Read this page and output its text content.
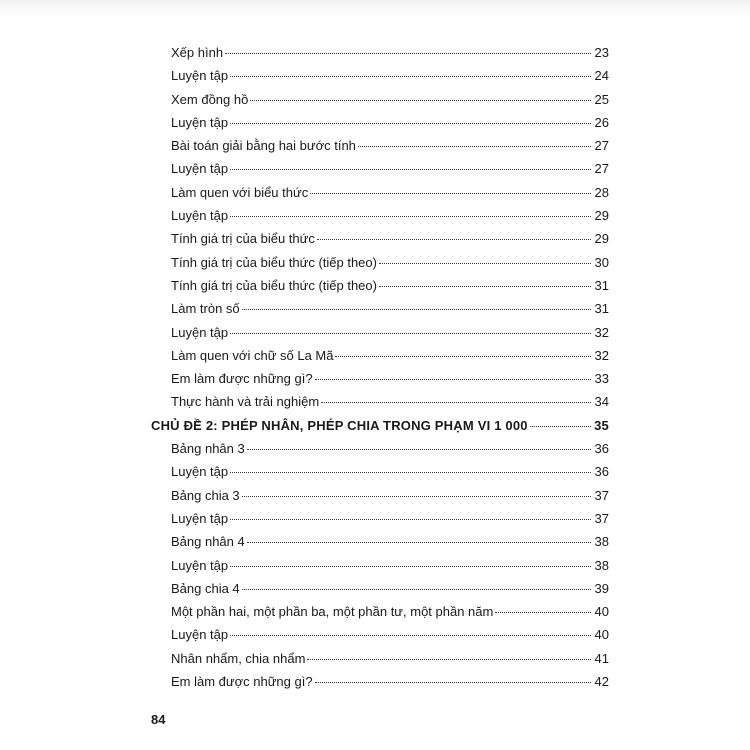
Xếp hình	23
Luyện tập	24
Xem đồng hồ	25
Luyện tập	26
Bài toán giải bằng hai bước tính	27
Luyện tập	27
Làm quen với biểu thức	28
Luyện tập	29
Tính giá trị của biểu thức	29
Tính giá trị của biểu thức (tiếp theo)	30
Tính giá trị của biểu thức (tiếp theo)	31
Làm tròn số	31
Luyện tập	32
Làm quen với chữ số La Mã	32
Em làm được những gì?	33
Thực hành và trải nghiệm	34
CHỦ ĐỀ 2: PHÉP NHÂN, PHÉP CHIA TRONG PHẠM VI 1 000	35
Bảng nhân 3	36
Luyện tập	36
Bảng chia 3	37
Luyện tập	37
Bảng nhân 4	38
Luyện tập	38
Bảng chia 4	39
Một phần hai, một phần ba, một phần tư, một phần năm	40
Luyện tập	40
Nhân nhẩm, chia nhẩm	41
Em làm được những gì?	42
84
